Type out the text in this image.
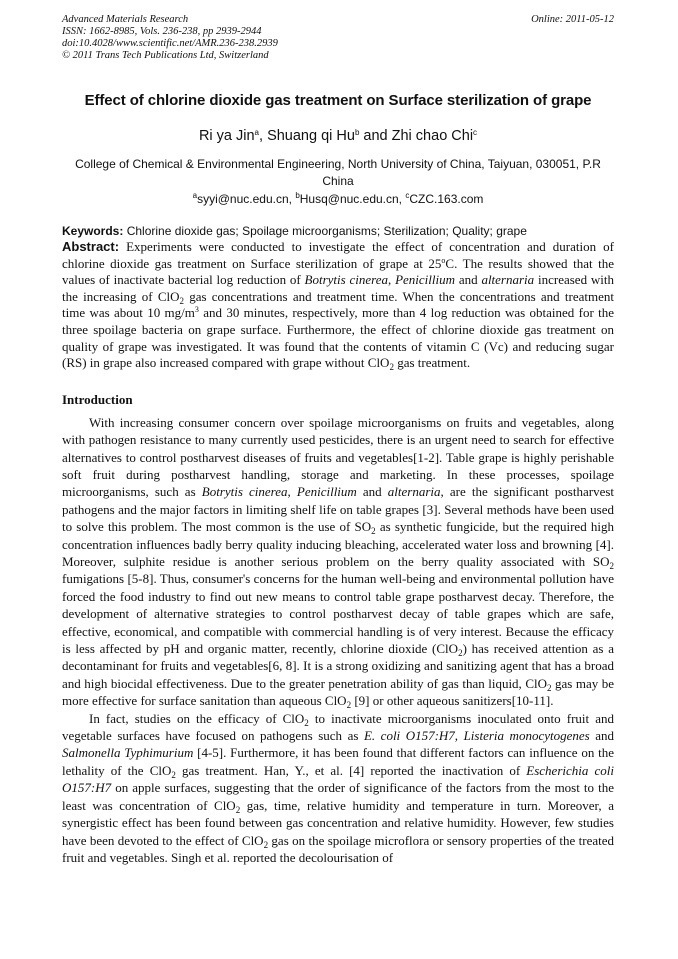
Advanced Materials Research
ISSN: 1662-8985, Vols. 236-238, pp 2939-2944
doi:10.4028/www.scientific.net/AMR.236-238.2939
© 2011 Trans Tech Publications Ltd, Switzerland
Online: 2011-05-12
Effect of chlorine dioxide gas treatment on Surface sterilization of grape
Ri ya Jin$^a$, Shuang qi Hu$^b$ and Zhi chao Chi$^c$
College of Chemical & Environmental Engineering, North University of China, Taiyuan, 030051, P.R China
$^a$syyi@nuc.edu.cn, $^b$Husq@nuc.edu.cn, $^c$CZC.163.com
Keywords: Chlorine dioxide gas; Spoilage microorganisms; Sterilization; Quality; grape
Abstract: Experiments were conducted to investigate the effect of concentration and duration of chlorine dioxide gas treatment on Surface sterilization of grape at 25$^o$C. The results showed that the values of inactivate bacterial log reduction of Botrytis cinerea, Penicillium and alternaria increased with the increasing of ClO$_2$ gas concentrations and treatment time. When the concentrations and treatment time was about 10 $mg/m^3$ and 30 minutes, respectively, more than 4 log reduction was obtained for the three spoilage bacteria on grape surface. Furthermore, the effect of chlorine dioxide gas treatment on quality of grape was investigated. It was found that the contents of vitamin C (Vc) and reducing sugar (RS) in grape also increased compared with grape without ClO$_2$ gas treatment.
Introduction
With increasing consumer concern over spoilage microorganisms on fruits and vegetables, along with pathogen resistance to many currently used pesticides, there is an urgent need to search for effective alternatives to control postharvest diseases of fruits and vegetables[1-2]. Table grape is highly perishable soft fruit during postharvest handling, storage and marketing. In these processes, spoilage microorganisms, such as Botrytis cinerea, Penicillium and alternaria, are the significant postharvest pathogens and the major factors in limiting shelf life on table grapes [3]. Several methods have been used to solve this problem. The most common is the use of $SO_2$ as synthetic fungicide, but the required high concentration influences badly berry quality inducing bleaching, accelerated water loss and browning [4]. Moreover, sulphite residue is another serious problem on the berry quality associated with $SO_2$ fumigations [5-8]. Thus, consumer's concerns for the human well-being and environmental pollution have forced the food industry to find out new means to control table grape postharvest decay. Therefore, the development of alternative strategies to control postharvest decay of table grapes which are safe, effective, economical, and compatible with commercial handling is of very interest. Because the efficacy is less affected by pH and organic matter, recently, chlorine dioxide (ClO$_2$) has received attention as a decontaminant for fruits and vegetables[6, 8]. It is a strong oxidizing and sanitizing agent that has a broad and high biocidal effectiveness. Due to the greater penetration ability of gas than liquid, ClO$_2$ gas may be more effective for surface sanitation than aqueous ClO$_2$ [9] or other aqueous sanitizers[10-11].
In fact, studies on the efficacy of ClO$_2$ to inactivate microorganisms inoculated onto fruit and vegetable surfaces have focused on pathogens such as E. coli O157:H7, Listeria monocytogenes and Salmonella Typhimurium [4-5]. Furthermore, it has been found that different factors can influence on the lethality of the ClO$_2$ gas treatment. Han, Y., et al. [4] reported the inactivation of Escherichia coli O157:H7 on apple surfaces, suggesting that the order of significance of the factors from the most to the least was concentration of ClO$_2$ gas, time, relative humidity and temperature in turn. Moreover, a synergistic effect has been found between gas concentration and relative humidity. However, few studies have been devoted to the effect of ClO$_2$ gas on the spoilage microflora or sensory properties of the treated fruit and vegetables. Singh et al. reported the decolourisation of
